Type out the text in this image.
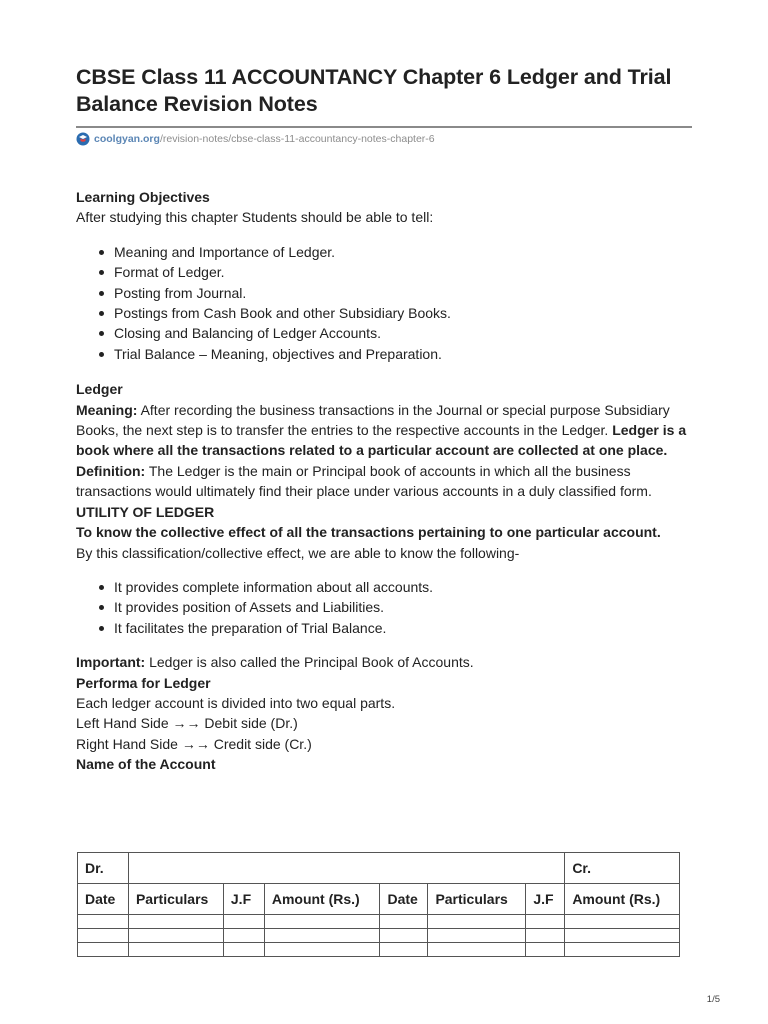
CBSE Class 11 ACCOUNTANCY Chapter 6 Ledger and Trial Balance Revision Notes
coolgyan.org /revision-notes/cbse-class-11-accountancy-notes-chapter-6

Learning Objectives

After studying this chapter Students should be able to tell:

Meaning and Importance of Ledger.
Format of Ledger.
Posting from Journal.
Postings from Cash Book and other Subsidiary Books.
Closing and Balancing of Ledger Accounts.
Trial Balance – Meaning, objectives and Preparation.

Ledger

Meaning: After recording the business transactions in the Journal or special purpose Subsidiary Books, the next step is to transfer the entries to the respective accounts in the Ledger. Ledger is a book where all the transactions related to a particular account are collected at one place.

Definition: The Ledger is the main or Principal book of accounts in which all the business transactions would ultimately find their place under various accounts in a duly classified form.

UTILITY OF LEDGER

To know the collective effect of all the transactions pertaining to one particular account.

By this classification/collective effect, we are able to know the following-

It provides complete information about all accounts.
It provides position of Assets and Liabilities.
It facilitates the preparation of Trial Balance.

Important: Ledger is also called the Principal Book of Accounts.

Performa for Ledger

Each ledger account is divided into two equal parts.

Left Hand Side →→ Debit side (Dr.)

Right Hand Side →→ Credit side (Cr.)

Name of the Account

Dr.							Cr.
Date	Particulars	J.F	Amount (Rs.)	Date	Particulars	J.F	Amount (Rs.)

1/5
